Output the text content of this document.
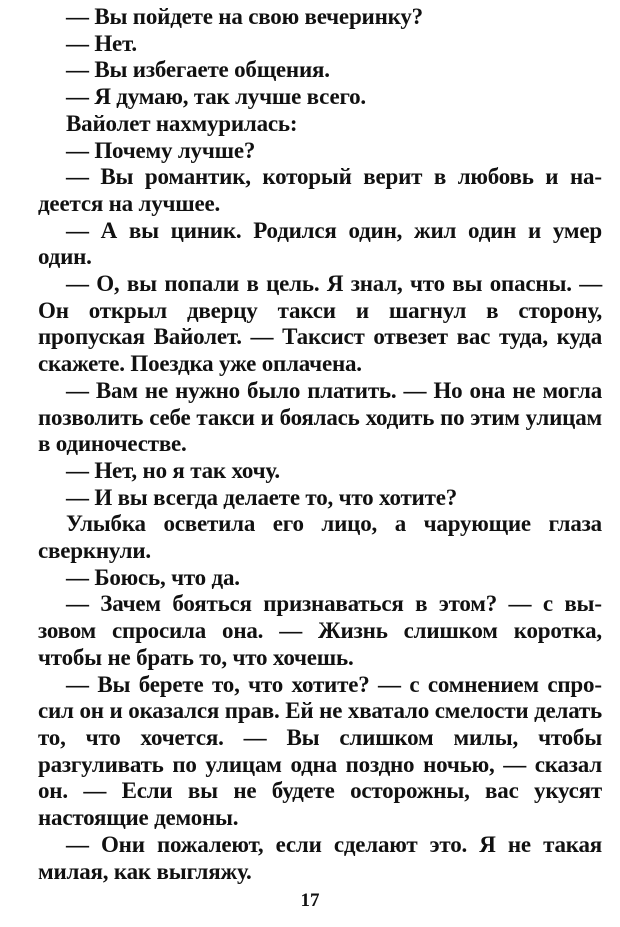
— Вы пойдете на свою вечеринку?

— Нет.

— Вы избегаете общения.

— Я думаю, так лучше всего.

Вайолет нахмурилась:

— Почему лучше?

— Вы романтик, который верит в любовь и надеется на лучшее.

— А вы циник. Родился один, жил один и умер один.

— О, вы попали в цель. Я знал, что вы опасны. — Он открыл дверцу такси и шагнул в сторону, пропуская Вайолет. — Таксист отвезет вас туда, куда скажете. Поездка уже оплачена.

— Вам не нужно было платить. — Но она не могла позволить себе такси и боялась ходить по этим улицам в одиночестве.

— Нет, но я так хочу.

— И вы всегда делаете то, что хотите?

Улыбка осветила его лицо, а чарующие глаза сверкнули.

— Боюсь, что да.

— Зачем бояться признаваться в этом? — с вызовом спросила она. — Жизнь слишком коротка, чтобы не брать то, что хочешь.

— Вы берете то, что хотите? — с сомнением спросил он и оказался прав. Ей не хватало смелости делать то, что хочется. — Вы слишком милы, чтобы разгуливать по улицам одна поздно ночью, — сказал он. — Если вы не будете осторожны, вас укусят настоящие демоны.

— Они пожалеют, если сделают это. Я не такая милая, как выгляжу.

17
